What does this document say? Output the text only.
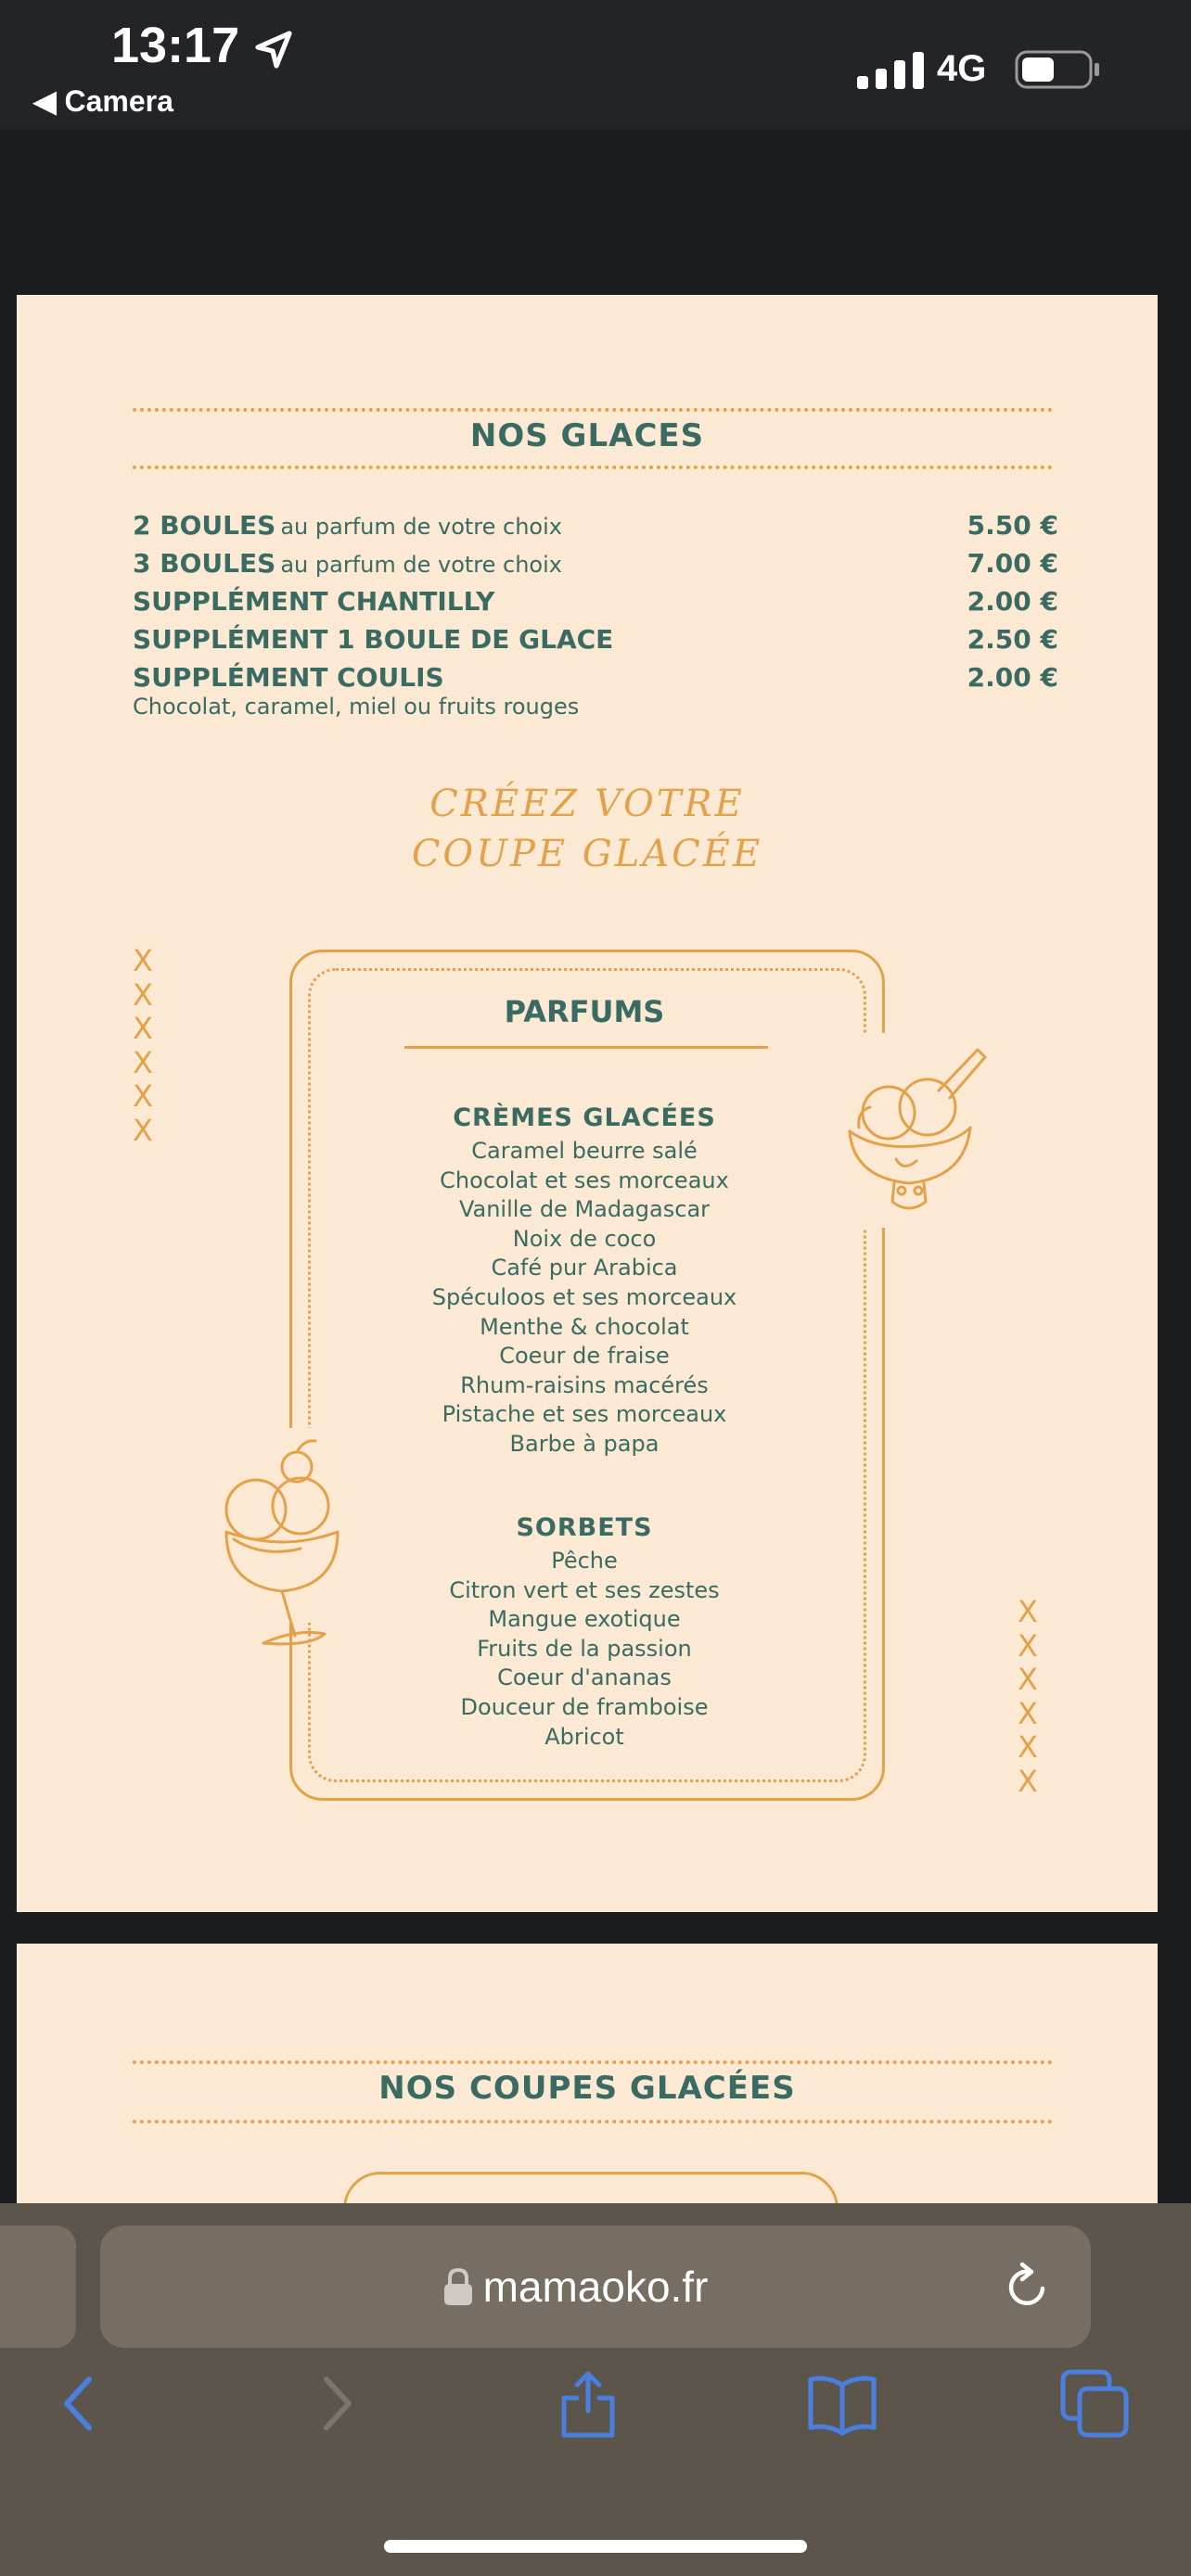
13:17
◀ Camera
4G
NOS GLACES
2 BOULES au parfum de votre choix	5.50 €
3 BOULES au parfum de votre choix	7.00 €
SUPPLÉMENT CHANTILLY	2.00 €
SUPPLÉMENT 1 BOULE DE GLACE	2.50 €
SUPPLÉMENT COULIS	2.00 €
Chocolat, caramel, miel ou fruits rouges
CRÉEZ VOTRE
COUPE GLACÉE
X
X
X
X
X
X
X
X
X
X
X
X
PARFUMS
CRÈMES GLACÉES
Caramel beurre salé
Chocolat et ses morceaux
Vanille de Madagascar
Noix de coco
Café pur Arabica
Spéculoos et ses morceaux
Menthe & chocolat
Coeur de fraise
Rhum-raisins macérés
Pistache et ses morceaux
Barbe à papa
SORBETS
Pêche
Citron vert et ses zestes
Mangue exotique
Fruits de la passion
Coeur d'ananas
Douceur de framboise
Abricot
NOS COUPES GLACÉES
mamaoko.fr
